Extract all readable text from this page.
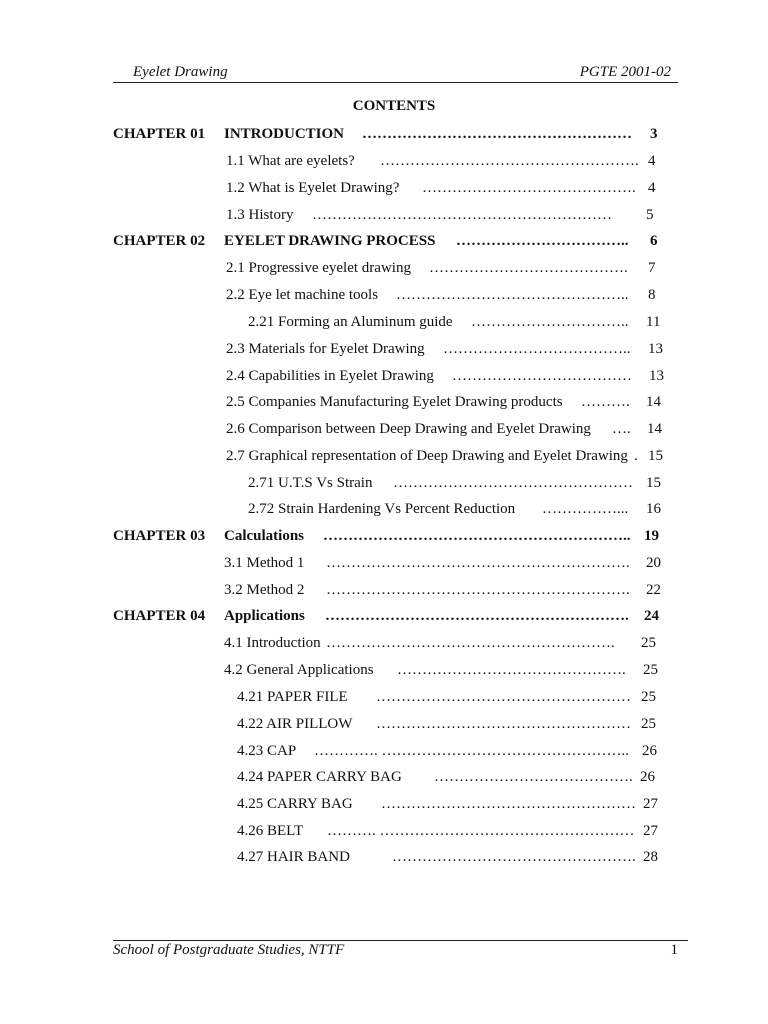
Eyelet Drawing	PGTE 2001-02
CONTENTS
CHAPTER 01 INTRODUCTION ……………………………………………… 3
1.1 What are eyelets? ……………………………………………. 4
1.2 What is Eyelet Drawing? ……………………………………. 4
1.3 History …………………………………………………… 5
CHAPTER 02 EYELET DRAWING PROCESS …………………………….. 6
2.1 Progressive eyelet drawing …………………………………. 7
2.2 Eye let machine tools ……………………………………….. 8
2.21 Forming an Aluminum guide ………………………….. 11
2.3 Materials for Eyelet Drawing ……………………………….. 13
2.4 Capabilities in Eyelet Drawing ……………………………… 13
2.5 Companies Manufacturing Eyelet Drawing products ………. 14
2.6 Comparison between Deep Drawing and Eyelet Drawing …. 14
2.7 Graphical representation of Deep Drawing and Eyelet Drawing . 15
2.71 U.T.S Vs Strain ………………………………………… 15
2.72 Strain Hardening Vs Percent Reduction ……………... 16
CHAPTER 03 Calculations …………………………………………………….. 19
3.1 Method 1 ……………………………………………………. 20
3.2 Method 2 ……………………………………………………. 22
CHAPTER 04 Applications ……………………………………………………. 24
4.1 Introduction …………………………………………………. 25
4.2 General Applications ………………………………………. 25
4.21 PAPER FILE …………………………………………… 25
4.22 AIR PILLOW …………………………………………… 25
4.23 CAP …………. ………………………………………….. 26
4.24 PAPER CARRY BAG …………………………………. 26
4.25 CARRY BAG …………………………………………… 27
4.26 BELT ………. …………………………………………… 27
4.27 HAIR BAND	…………………………………………. 28
School of Postgraduate Studies, NTTF	1
